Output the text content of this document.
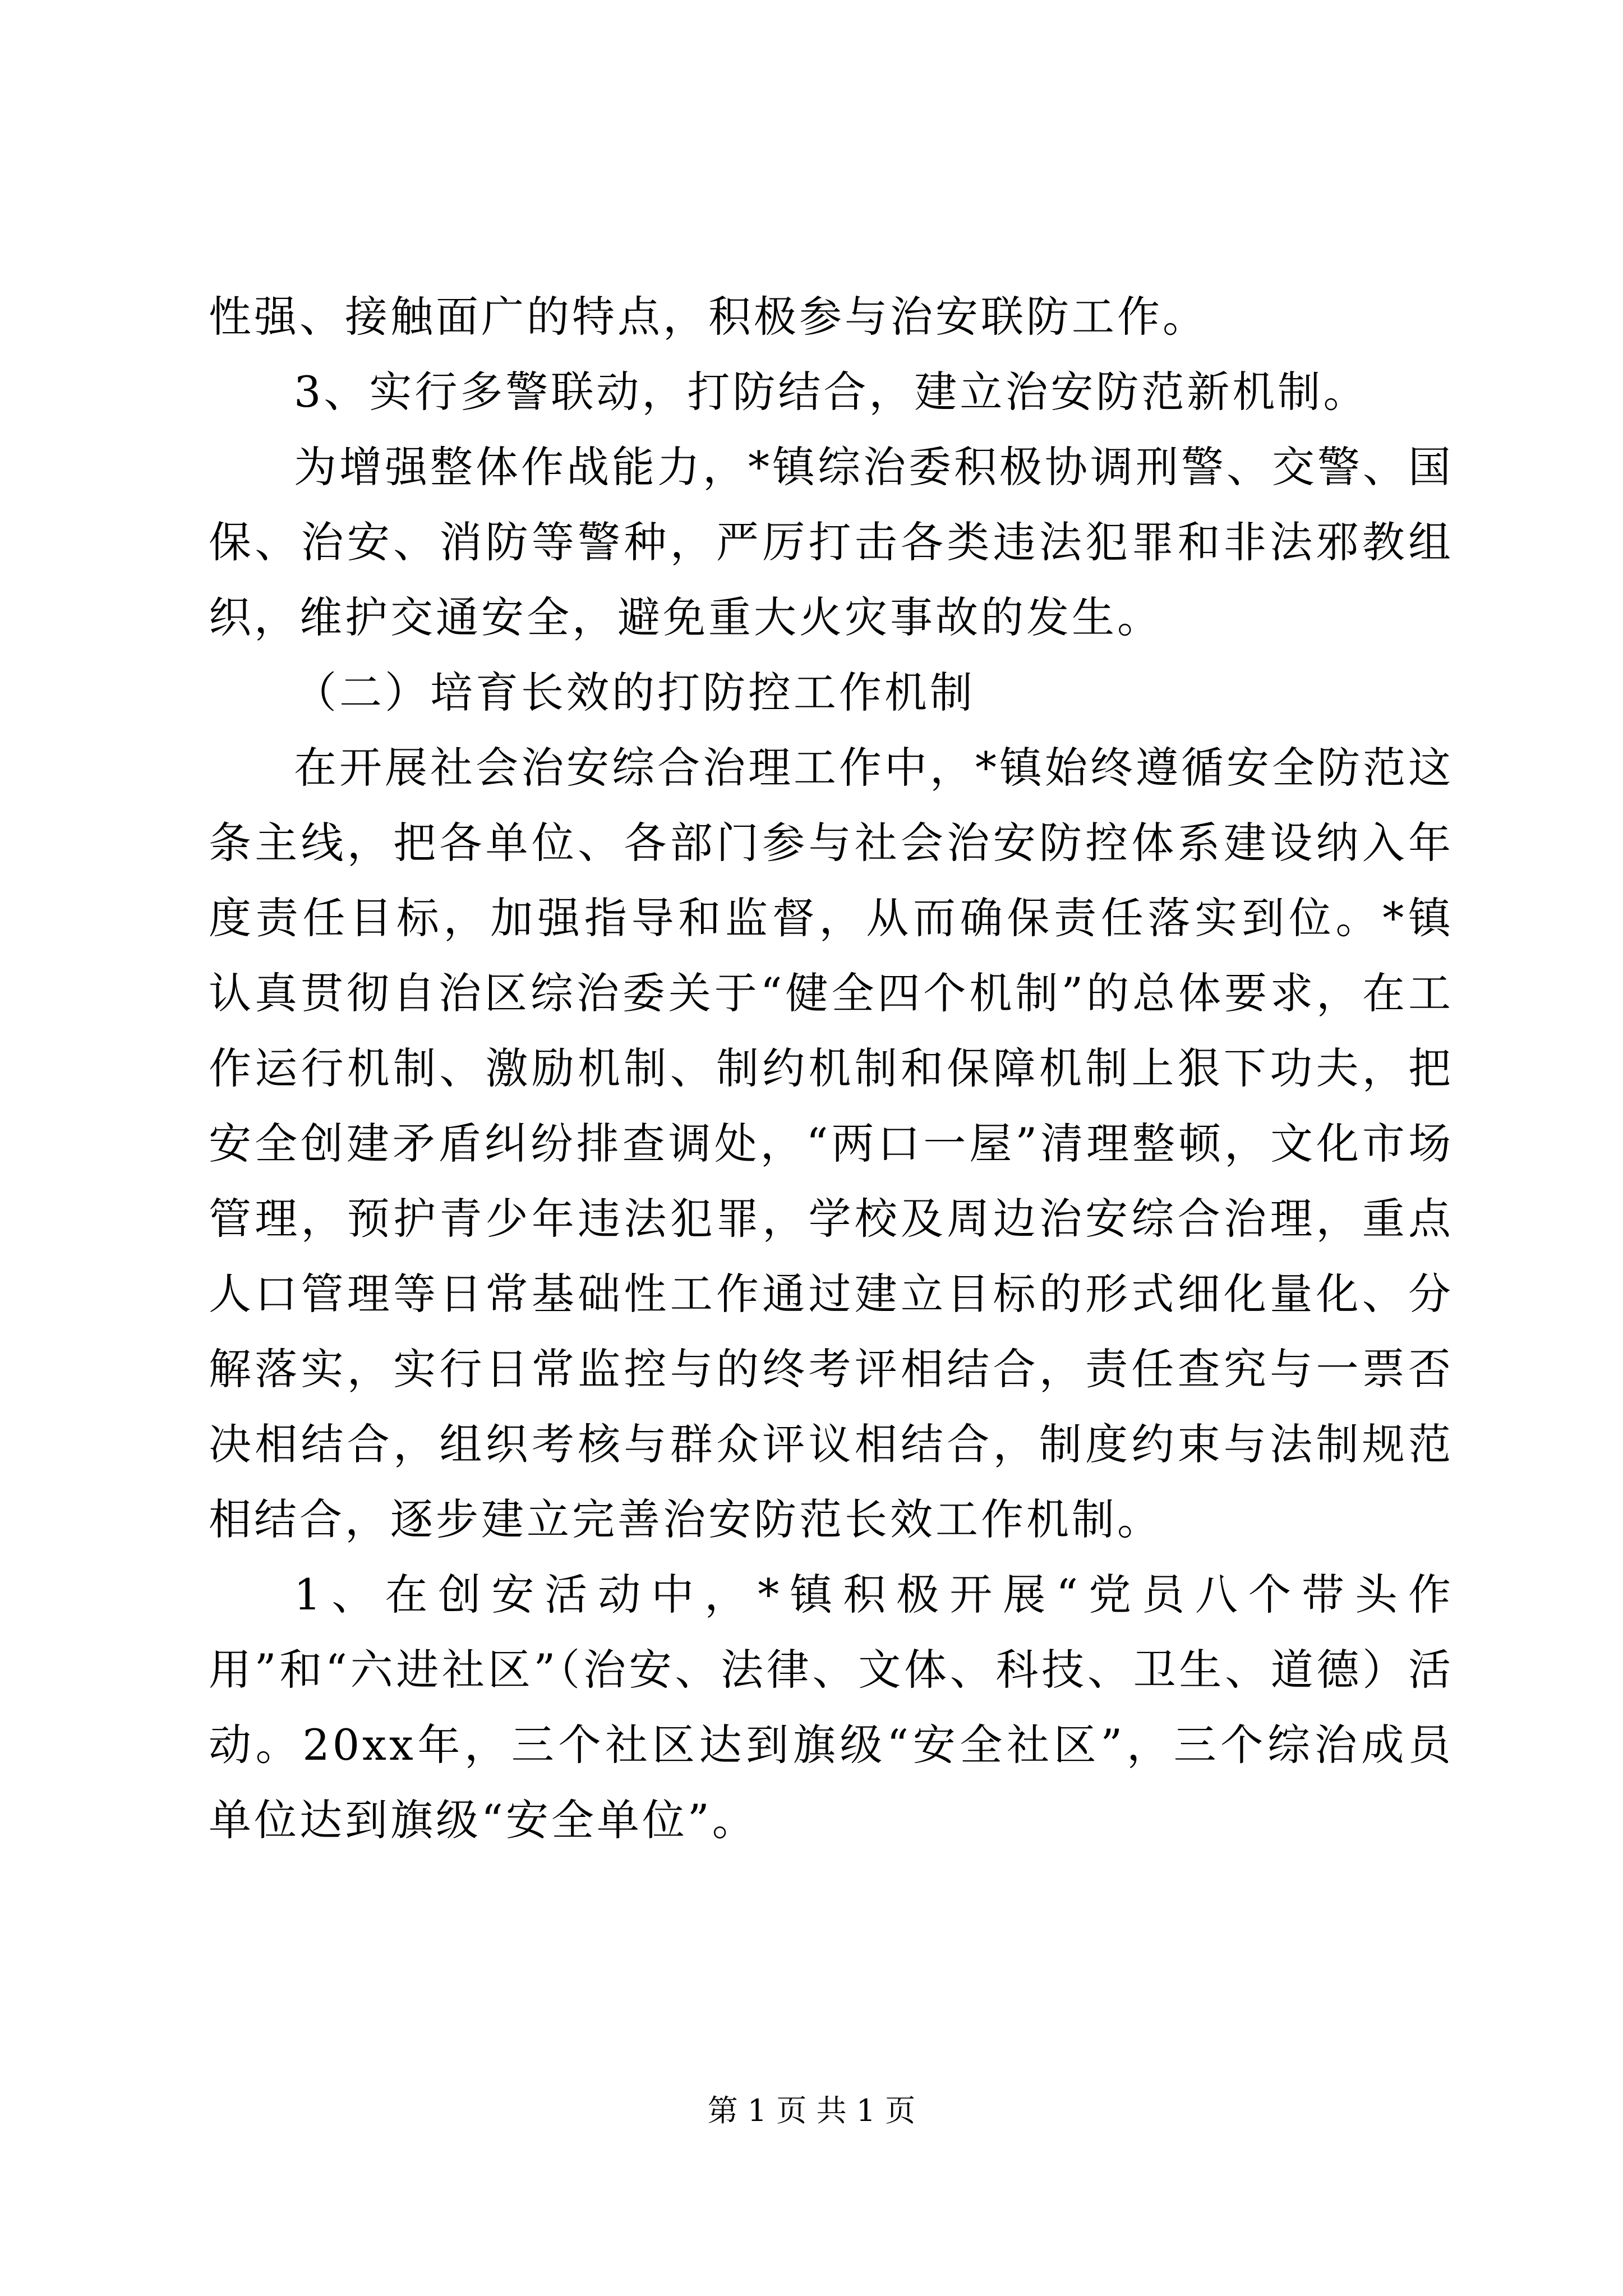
性强、接触面广的特点，积极参与治安联防工作。

3、实行多警联动，打防结合，建立治安防范新机制。

为增强整体作战能力，*镇综治委积极协调刑警、交警、国保、治安、消防等警种，严厉打击各类违法犯罪和非法邪教组织，维护交通安全，避免重大火灾事故的发生。

（二）培育长效的打防控工作机制

在开展社会治安综合治理工作中，*镇始终遵循安全防范这条主线，把各单位、各部门参与社会治安防控体系建设纳入年度责任目标，加强指导和监督，从而确保责任落实到位。*镇认真贯彻自治区综治委关于“健全四个机制”的总体要求，在工作运行机制、激励机制、制约机制和保障机制上狠下功夫，把安全创建矛盾纠纷排查调处，“两口一屋”清理整顿，文化市场管理，预护青少年违法犯罪，学校及周边治安综合治理，重点人口管理等日常基础性工作通过建立目标的形式细化量化、分解落实，实行日常监控与的终考评相结合，责任查究与一票否决相结合，组织考核与群众评议相结合，制度约束与法制规范相结合，逐步建立完善治安防范长效工作机制。

1、在创安活动中，*镇积极开展“党员八个带头作用”和“六进社区”（治安、法律、文体、科技、卫生、道德）活动。20xx年，三个社区达到旗级“安全社区”，三个综治成员单位达到旗级“安全单位”。

第 1 页 共 1 页
